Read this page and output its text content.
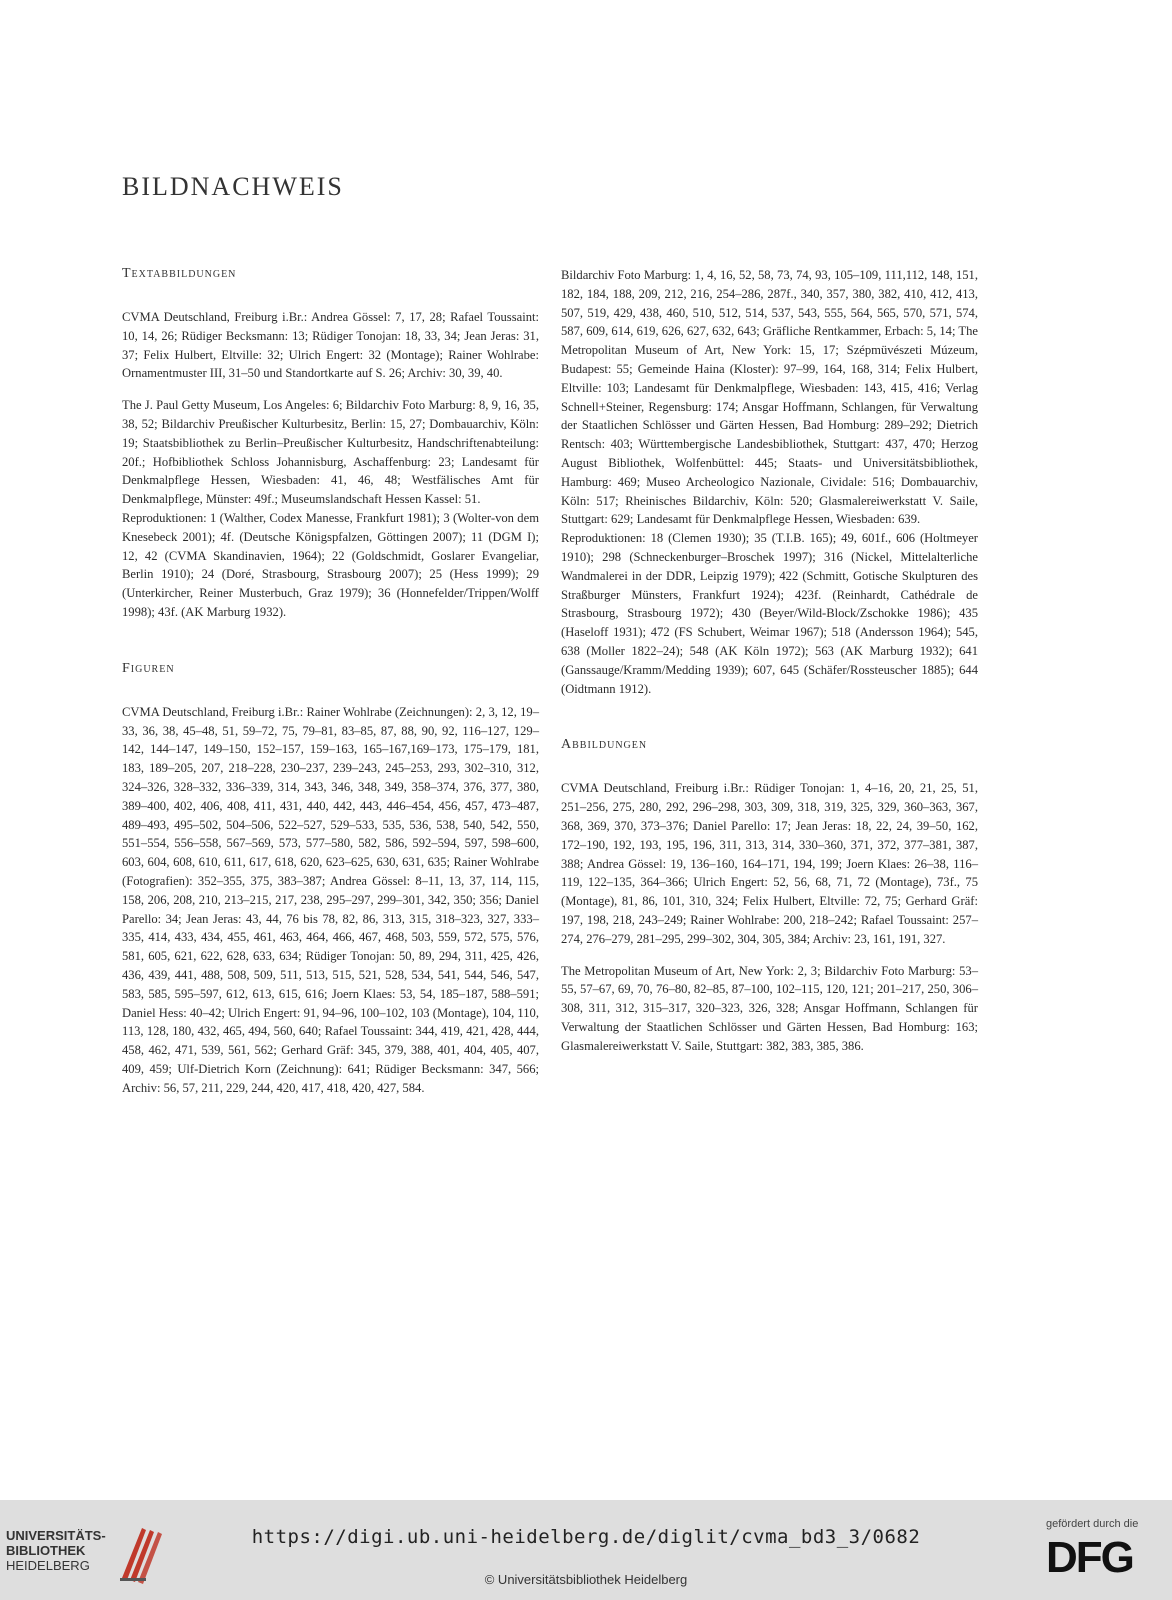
BILDNACHWEIS
Textabbildungen

CVMA Deutschland, Freiburg i.Br.: Andrea Gössel: 7, 17, 28; Rafael Toussaint: 10, 14, 26; Rüdiger Becksmann: 13; Rüdiger Tonojan: 18, 33, 34; Jean Jeras: 31, 37; Felix Hulbert, Eltville: 32; Ulrich Engert: 32 (Montage); Rainer Wohlrabe: Ornamentmuster III, 31–50 und Standortkarte auf S. 26; Archiv: 30, 39, 40.

The J. Paul Getty Museum, Los Angeles: 6; Bildarchiv Foto Marburg: 8, 9, 16, 35, 38, 52; Bildarchiv Preußischer Kulturbesitz, Berlin: 15, 27; Dombauarchiv, Köln: 19; Staatsbibliothek zu Berlin–Preußischer Kulturbesitz, Handschriftenabteilung: 20f.; Hofbibliothek Schloss Johannisburg, Aschaffenburg: 23; Landesamt für Denkmalpflege Hessen, Wiesbaden: 41, 46, 48; Westfälisches Amt für Denkmalpflege, Münster: 49f.; Museumslandschaft Hessen Kassel: 51.

Reproduktionen: 1 (Walther, Codex Manesse, Frankfurt 1981); 3 (Wolter-von dem Knesebeck 2001); 4f. (Deutsche Königspfalzen, Göttingen 2007); 11 (DGM I); 12, 42 (CVMA Skandinavien, 1964); 22 (Goldschmidt, Goslarer Evangeliar, Berlin 1910); 24 (Doré, Strasbourg, Strasbourg 2007); 25 (Hess 1999); 29 (Unterkircher, Reiner Musterbuch, Graz 1979); 36 (Honnefelder/Trippen/Wolff 1998); 43f. (AK Marburg 1932).

Figuren

CVMA Deutschland, Freiburg i.Br.: Rainer Wohlrabe (Zeichnungen): 2, 3, 12, 19–33, 36, 38, 45–48, 51, 59–72, 75, 79–81, 83–85, 87, 88, 90, 92, 116–127, 129–142, 144–147, 149–150, 152–157, 159–163, 165–167,169–173, 175–179, 181, 183, 189–205, 207, 218–228, 230–237, 239–243, 245–253, 293, 302–310, 312, 324–326, 328–332, 336–339, 314, 343, 346, 348, 349, 358–374, 376, 377, 380, 389–400, 402, 406, 408, 411, 431, 440, 442, 443, 446–454, 456, 457, 473–487, 489–493, 495–502, 504–506, 522–527, 529–533, 535, 536, 538, 540, 542, 550, 551–554, 556–558, 567–569, 573, 577–580, 582, 586, 592–594, 597, 598–600, 603, 604, 608, 610, 611, 617, 618, 620, 623–625, 630, 631, 635; Rainer Wohlrabe (Fotografien): 352–355, 375, 383–387; Andrea Gössel: 8–11, 13, 37, 114, 115, 158, 206, 208, 210, 213–215, 217, 238, 295–297, 299–301, 342, 350; 356; Daniel Parello: 34; Jean Jeras: 43, 44, 76 bis 78, 82, 86, 313, 315, 318–323, 327, 333–335, 414, 433, 434, 455, 461, 463, 464, 466, 467, 468, 503, 559, 572, 575, 576, 581, 605, 621, 622, 628, 633, 634; Rüdiger Tonojan: 50, 89, 294, 311, 425, 426, 436, 439, 441, 488, 508, 509, 511, 513, 515, 521, 528, 534, 541, 544, 546, 547, 583, 585, 595–597, 612, 613, 615, 616; Joern Klaes: 53, 54, 185–187, 588–591; Daniel Hess: 40–42; Ulrich Engert: 91, 94–96, 100–102, 103 (Montage), 104, 110, 113, 128, 180, 432, 465, 494, 560, 640; Rafael Toussaint: 344, 419, 421, 428, 444, 458, 462, 471, 539, 561, 562; Gerhard Gräf: 345, 379, 388, 401, 404, 405, 407, 409, 459; Ulf-Dietrich Korn (Zeichnung): 641; Rüdiger Becksmann: 347, 566; Archiv: 56, 57, 211, 229, 244, 420, 417, 418, 420, 427, 584.

Bildarchiv Foto Marburg: 1, 4, 16, 52, 58, 73, 74, 93, 105–109, 111,112, 148, 151, 182, 184, 188, 209, 212, 216, 254–286, 287f., 340, 357, 380, 382, 410, 412, 413, 507, 519, 429, 438, 460, 510, 512, 514, 537, 543, 555, 564, 565, 570, 571, 574, 587, 609, 614, 619, 626, 627, 632, 643; Gräfliche Rentkammer, Erbach: 5, 14; The Metropolitan Museum of Art, New York: 15, 17; Szépmüvészeti Múzeum, Budapest: 55; Gemeinde Haina (Kloster): 97–99, 164, 168, 314; Felix Hulbert, Eltville: 103; Landesamt für Denkmalpflege, Wiesbaden: 143, 415, 416; Verlag Schnell+Steiner, Regensburg: 174; Ansgar Hoffmann, Schlangen, für Verwaltung der Staatlichen Schlösser und Gärten Hessen, Bad Homburg: 289–292; Dietrich Rentsch: 403; Württembergische Landesbibliothek, Stuttgart: 437, 470; Herzog August Bibliothek, Wolfenbüttel: 445; Staats- und Universitätsbibliothek, Hamburg: 469; Museo Archeologico Nazionale, Cividale: 516; Dombauarchiv, Köln: 517; Rheinisches Bildarchiv, Köln: 520; Glasmalereiwerkstatt V. Saile, Stuttgart: 629; Landesamt für Denkmalpflege Hessen, Wiesbaden: 639.

Reproduktionen: 18 (Clemen 1930); 35 (T.I.B. 165); 49, 601f., 606 (Holtmeyer 1910); 298 (Schneckenburger–Broschek 1997); 316 (Nickel, Mittelalterliche Wandmalerei in der DDR, Leipzig 1979); 422 (Schmitt, Gotische Skulpturen des Straßburger Münsters, Frankfurt 1924); 423f. (Reinhardt, Cathédrale de Strasbourg, Strasbourg 1972); 430 (Beyer/Wild-Block/Zschokke 1986); 435 (Haseloff 1931); 472 (FS Schubert, Weimar 1967); 518 (Andersson 1964); 545, 638 (Moller 1822–24); 548 (AK Köln 1972); 563 (AK Marburg 1932); 641 (Ganssauge/Kramm/Medding 1939); 607, 645 (Schäfer/Rossteuscher 1885); 644 (Oidtmann 1912).

Abbildungen

CVMA Deutschland, Freiburg i.Br.: Rüdiger Tonojan: 1, 4–16, 20, 21, 25, 51, 251–256, 275, 280, 292, 296–298, 303, 309, 318, 319, 325, 329, 360–363, 367, 368, 369, 370, 373–376; Daniel Parello: 17; Jean Jeras: 18, 22, 24, 39–50, 162, 172–190, 192, 193, 195, 196, 311, 313, 314, 330–360, 371, 372, 377–381, 387, 388; Andrea Gössel: 19, 136–160, 164–171, 194, 199; Joern Klaes: 26–38, 116–119, 122–135, 364–366; Ulrich Engert: 52, 56, 68, 71, 72 (Montage), 73f., 75 (Montage), 81, 86, 101, 310, 324; Felix Hulbert, Eltville: 72, 75; Gerhard Gräf: 197, 198, 218, 243–249; Rainer Wohlrabe: 200, 218–242; Rafael Toussaint: 257–274, 276–279, 281–295, 299–302, 304, 305, 384; Archiv: 23, 161, 191, 327.

The Metropolitan Museum of Art, New York: 2, 3; Bildarchiv Foto Marburg: 53–55, 57–67, 69, 70, 76–80, 82–85, 87–100, 102–115, 120, 121; 201–217, 250, 306–308, 311, 312, 315–317, 320–323, 326, 328; Ansgar Hoffmann, Schlangen für Verwaltung der Staatlichen Schlösser und Gärten Hessen, Bad Homburg: 163; Glasmalereiwerkstatt V. Saile, Stuttgart: 382, 383, 385, 386.

UNIVERSITÄTS-
BIBLIOTHEK
HEIDELBERG
https://digi.ub.uni-heidelberg.de/diglit/cvma_bd3_3/0682
© Universitätsbibliothek Heidelberg
gefördert durch die
DFG
